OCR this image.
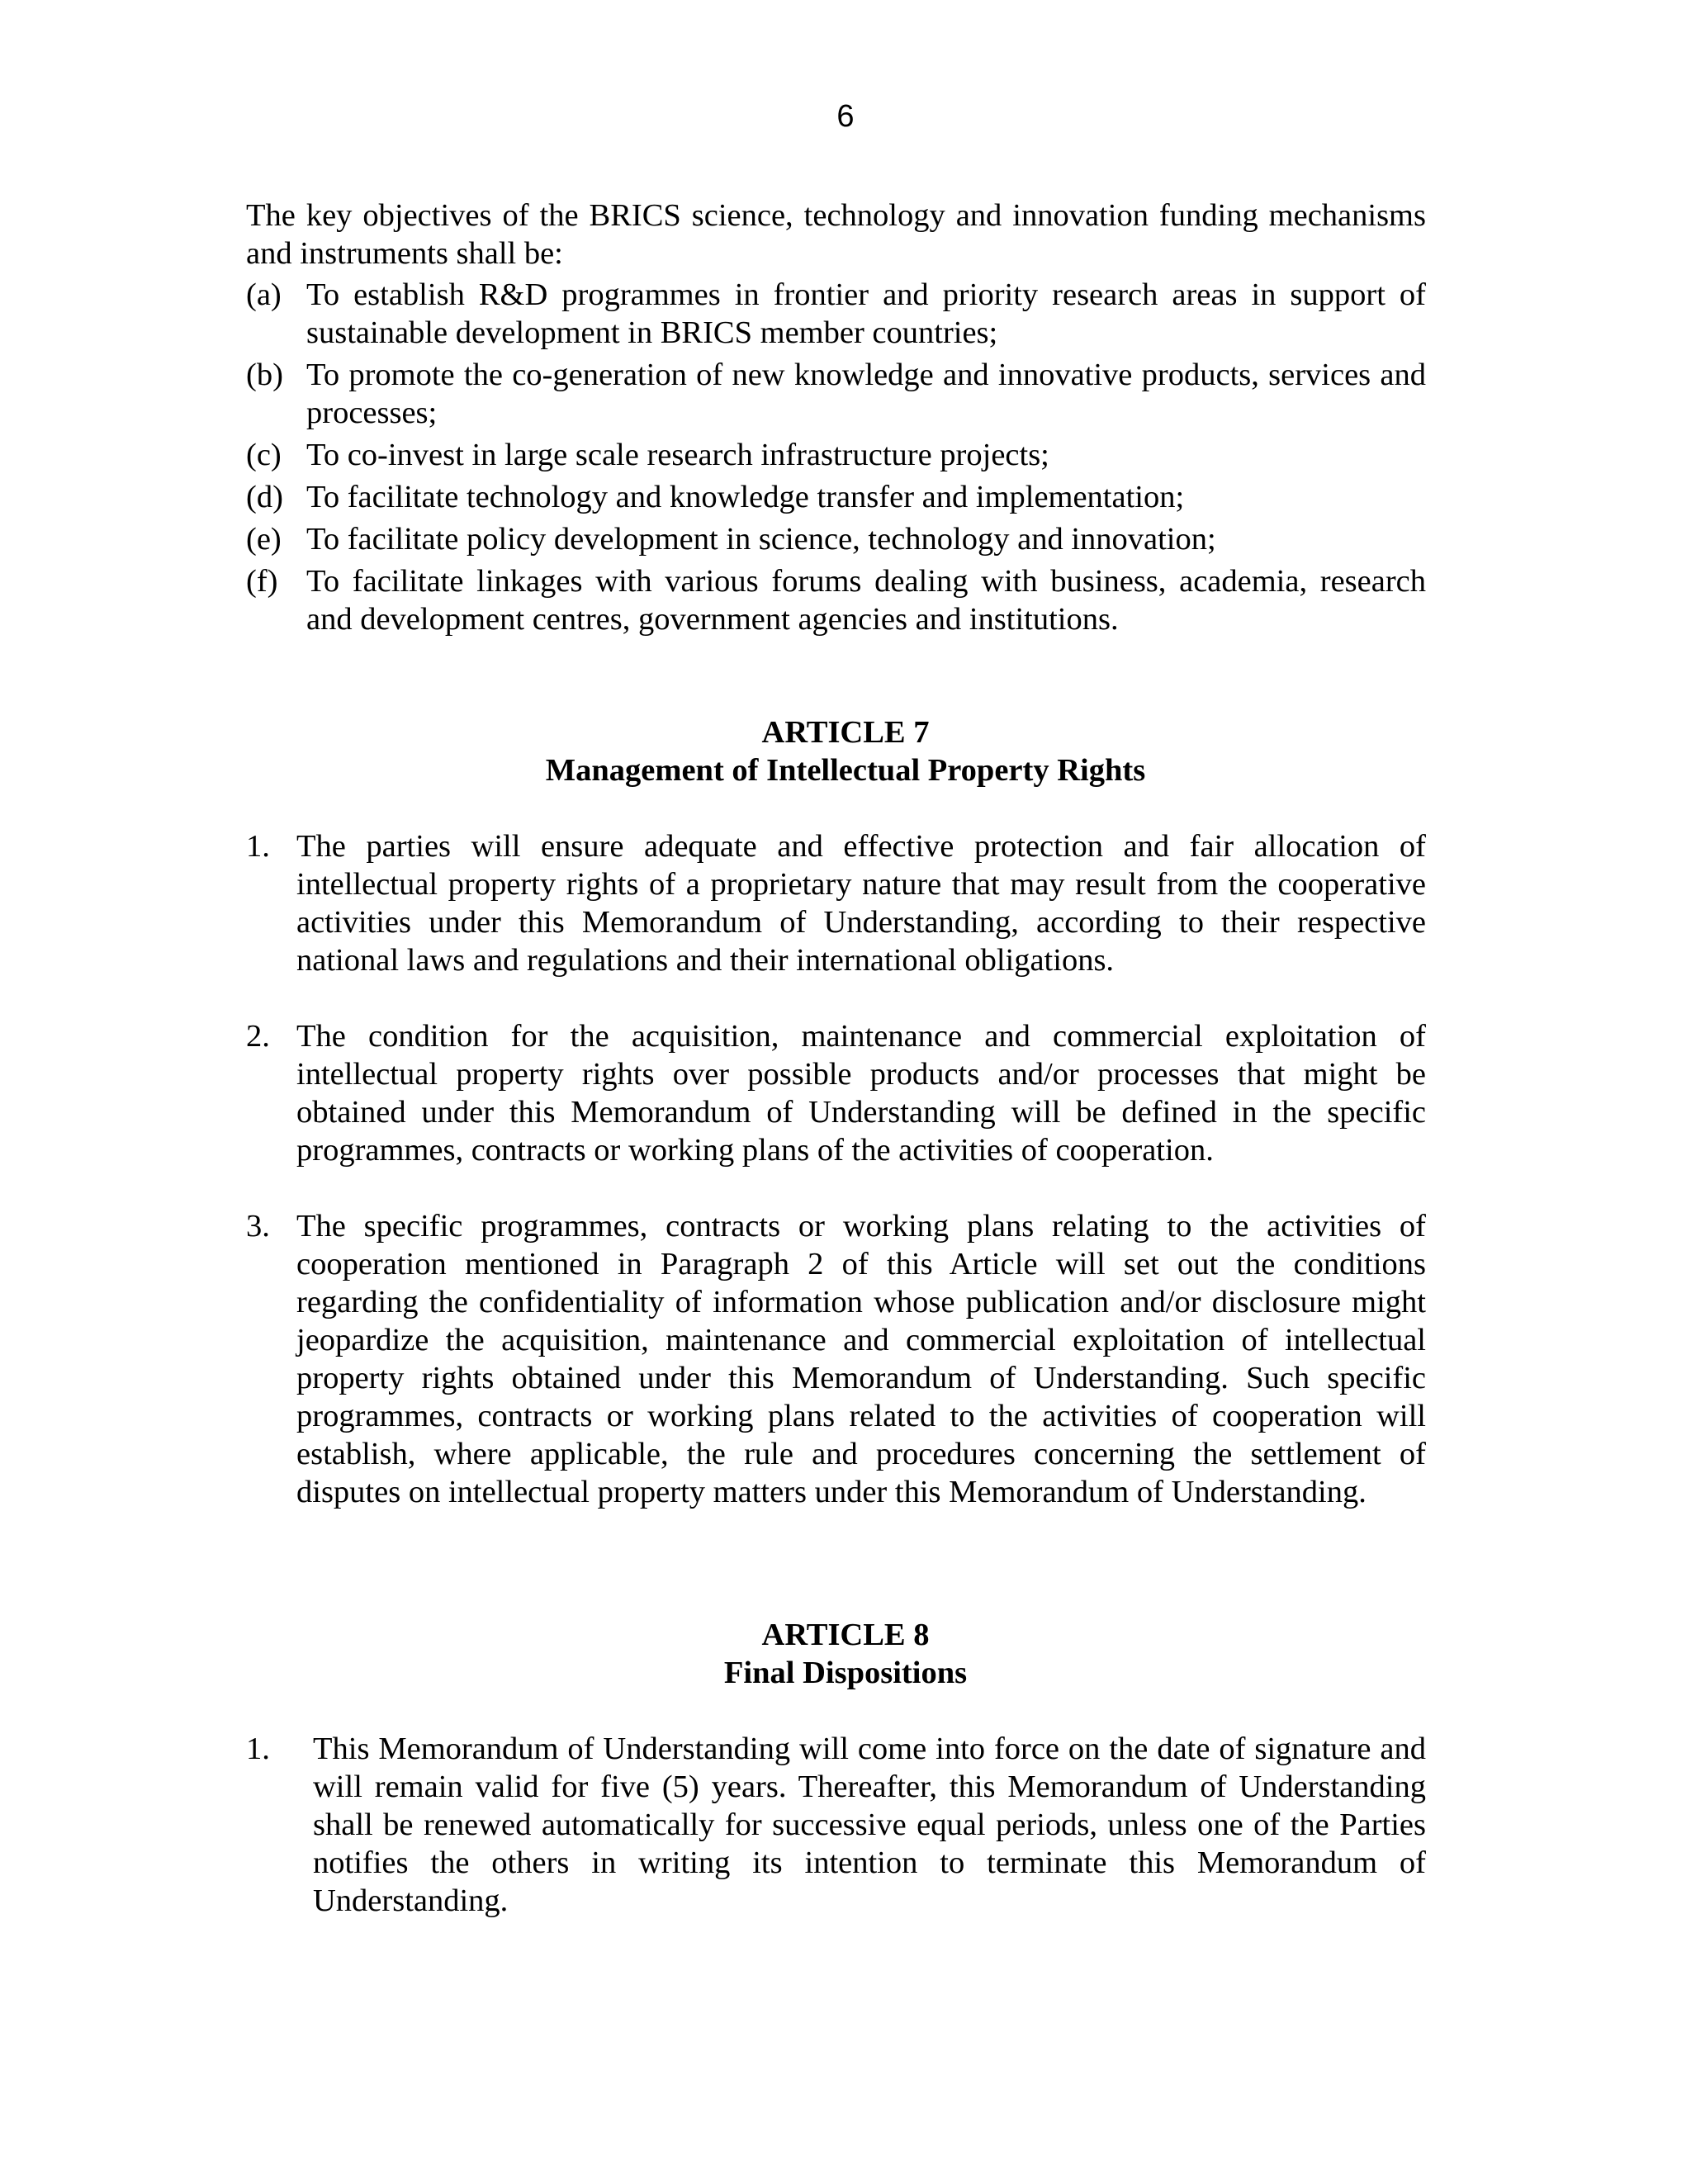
6

The key objectives of the BRICS science, technology and innovation funding mechanisms and instruments shall be:

(a) To establish R&D programmes in frontier and priority research areas in support of sustainable development in BRICS member countries;
(b) To promote the co-generation of new knowledge and innovative products, services and processes;
(c) To co-invest in large scale research infrastructure projects;
(d) To facilitate technology and knowledge transfer and implementation;
(e) To facilitate policy development in science, technology and innovation;
(f) To facilitate linkages with various forums dealing with business, academia, research and development centres, government agencies and institutions.
ARTICLE 7
Management of Intellectual Property Rights
1. The parties will ensure adequate and effective protection and fair allocation of intellectual property rights of a proprietary nature that may result from the cooperative activities under this Memorandum of Understanding, according to their respective national laws and regulations and their international obligations.
2. The condition for the acquisition, maintenance and commercial exploitation of intellectual property rights over possible products and/or processes that might be obtained under this Memorandum of Understanding will be defined in the specific programmes, contracts or working plans of the activities of cooperation.
3. The specific programmes, contracts or working plans relating to the activities of cooperation mentioned in Paragraph 2 of this Article will set out the conditions regarding the confidentiality of information whose publication and/or disclosure might jeopardize the acquisition, maintenance and commercial exploitation of intellectual property rights obtained under this Memorandum of Understanding. Such specific programmes, contracts or working plans related to the activities of cooperation will establish, where applicable, the rule and procedures concerning the settlement of disputes on intellectual property matters under this Memorandum of Understanding.
ARTICLE 8
Final Dispositions
1. This Memorandum of Understanding will come into force on the date of signature and will remain valid for five (5) years. Thereafter, this Memorandum of Understanding shall be renewed automatically for successive equal periods, unless one of the Parties notifies the others in writing its intention to terminate this Memorandum of Understanding.
